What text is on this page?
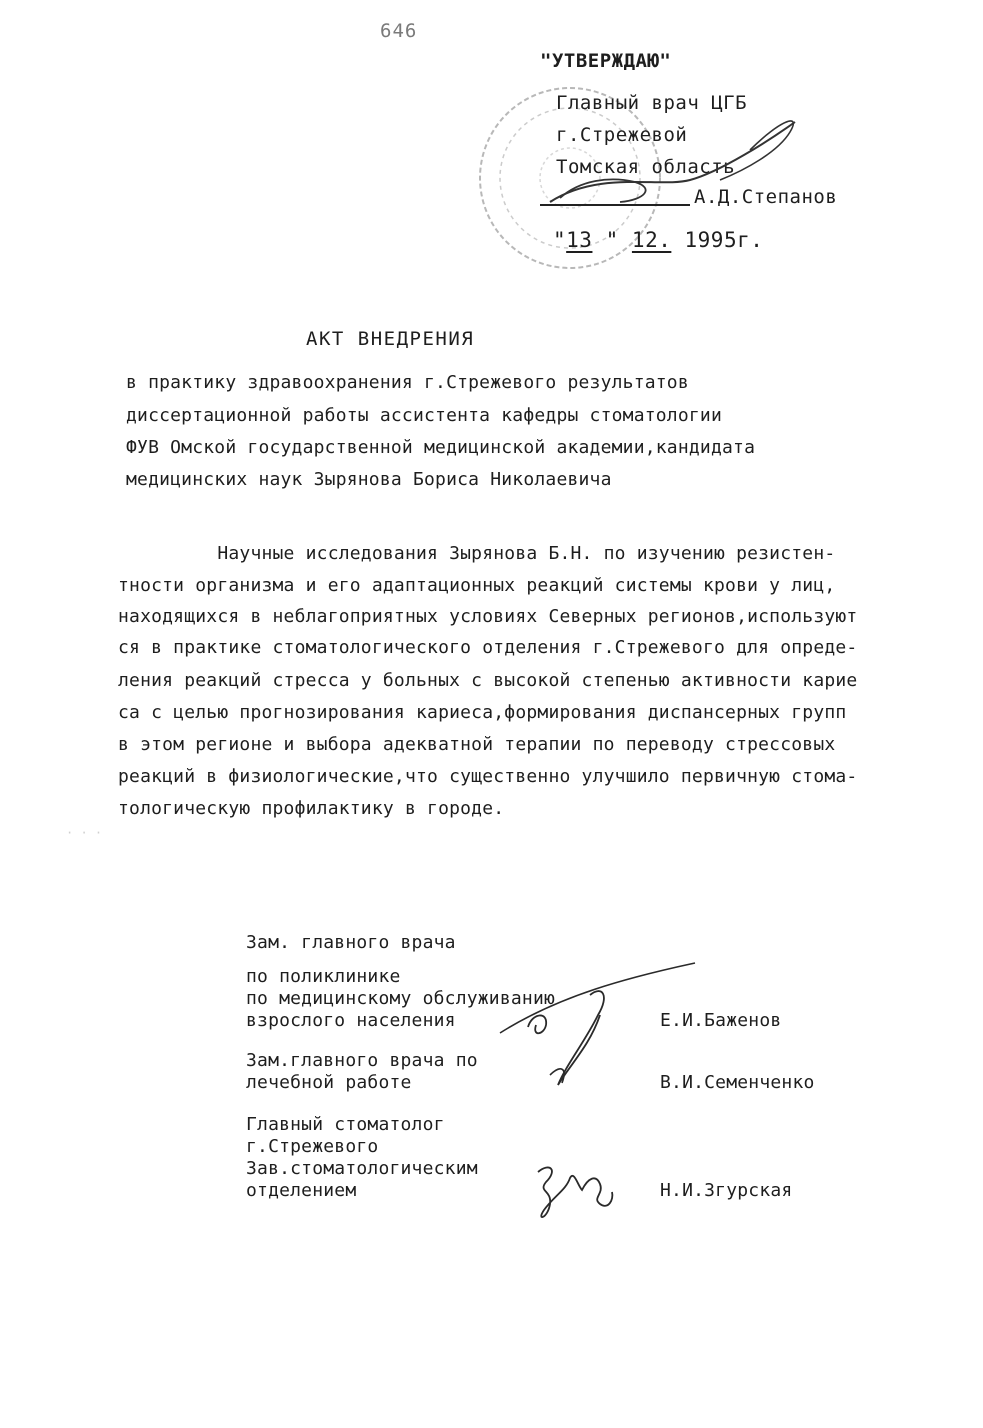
646
"УТВЕРЖДАЮ"
Главный врач ЦГБ
г.Стрежевой
Томская область
А.Д.Степанов
"13 " 12. 1995г.
АКТ ВНЕДРЕНИЯ
в практику здравоохранения г.Стрежевого результатов
диссертационной работы ассистента кафедры стоматологии
ФУВ Омской государственной медицинской академии,кандидата
медицинских наук Зырянова Бориса Николаевича
Научные исследования Зырянова Б.Н. по изучению резистен-
тности организма и его адаптационных реакций системы крови у лиц,
находящихся в неблагоприятных условиях Северных регионов,используют
ся в практике стоматологического отделения г.Стрежевого для опреде-
ления реакций стресса у больных с высокой степенью активности карие
са с целью прогнозирования кариеса,формирования диспансерных групп
в этом регионе и выбора адекватной терапии по переводу стрессовых
реакций в физиологические,что существенно улучшило первичную стома-
тологическую профилактику в городе.
Зам. главного врача
по поликлинике
по медицинскому обслуживанию
взрослого населения	Е.И.Баженов
Зам.главного врача по
лечебной работе	В.И.Семенченко
Главный стоматолог
г.Стрежевого
Зав.стоматологическим
отделением	Н.И.Згурская
· · ·
